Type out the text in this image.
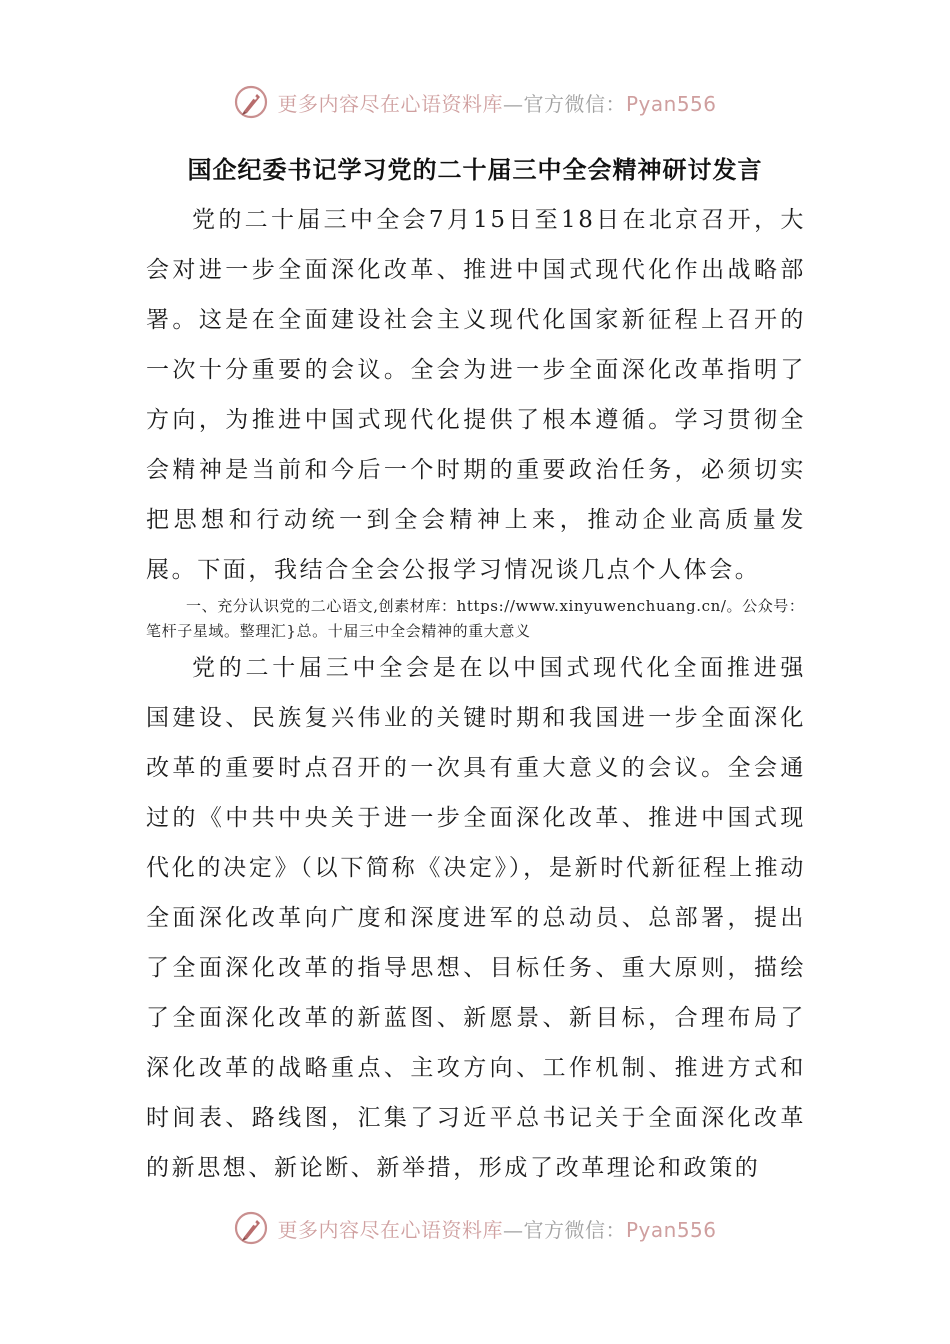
更多内容尽在心语资料库—官方微信：Pyan556
国企纪委书记学习党的二十届三中全会精神研讨发言

党的二十届三中全会7月15日至18日在北京召开，大会对进一步全面深化改革、推进中国式现代化作出战略部署。这是在全面建设社会主义现代化国家新征程上召开的一次十分重要的会议。全会为进一步全面深化改革指明了方向，为推进中国式现代化提供了根本遵循。学习贯彻全会精神是当前和今后一个时期的重要政治任务，必须切实把思想和行动统一到全会精神上来，推动企业高质量发展。下面，我结合全会公报学习情况谈几点个人体会。

一、充分认识党的二心语文,创素材库：https://www.xinyuwenchuang.cn/。公众号：笔杆子星域。整理汇}总。十届三中全会精神的重大意义

党的二十届三中全会是在以中国式现代化全面推进强国建设、民族复兴伟业的关键时期和我国进一步全面深化改革的重要时点召开的一次具有重大意义的会议。全会通过的《中共中央关于进一步全面深化改革、推进中国式现代化的决定》（以下简称《决定》），是新时代新征程上推动全面深化改革向广度和深度进军的总动员、总部署，提出了全面深化改革的指导思想、目标任务、重大原则，描绘了全面深化改革的新蓝图、新愿景、新目标，合理布局了深化改革的战略重点、主攻方向、工作机制、推进方式和时间表、路线图，汇集了习近平总书记关于全面深化改革的新思想、新论断、新举措，形成了改革理论和政策的

更多内容尽在心语资料库—官方微信：Pyan556
